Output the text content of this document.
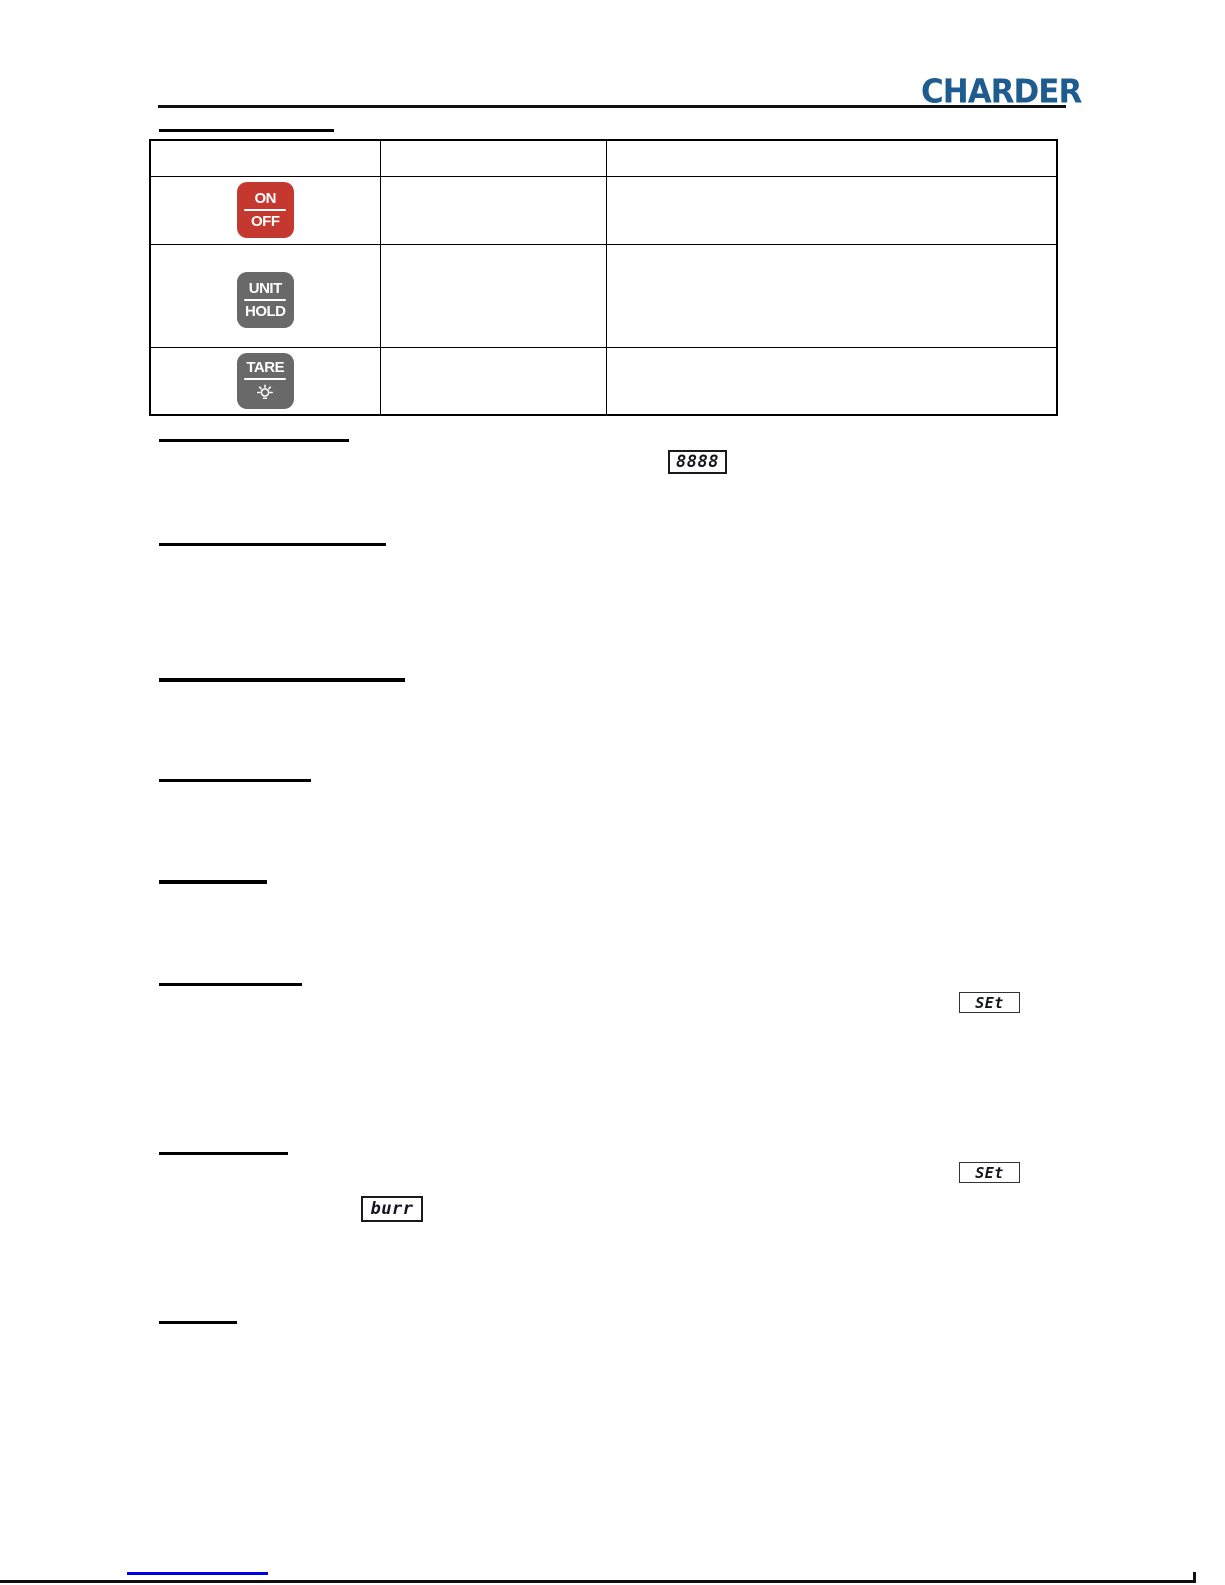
CHARDER

ON
OFF		

UNIT
HOLD		

TARE		

8888
SEt
SEt
burr
